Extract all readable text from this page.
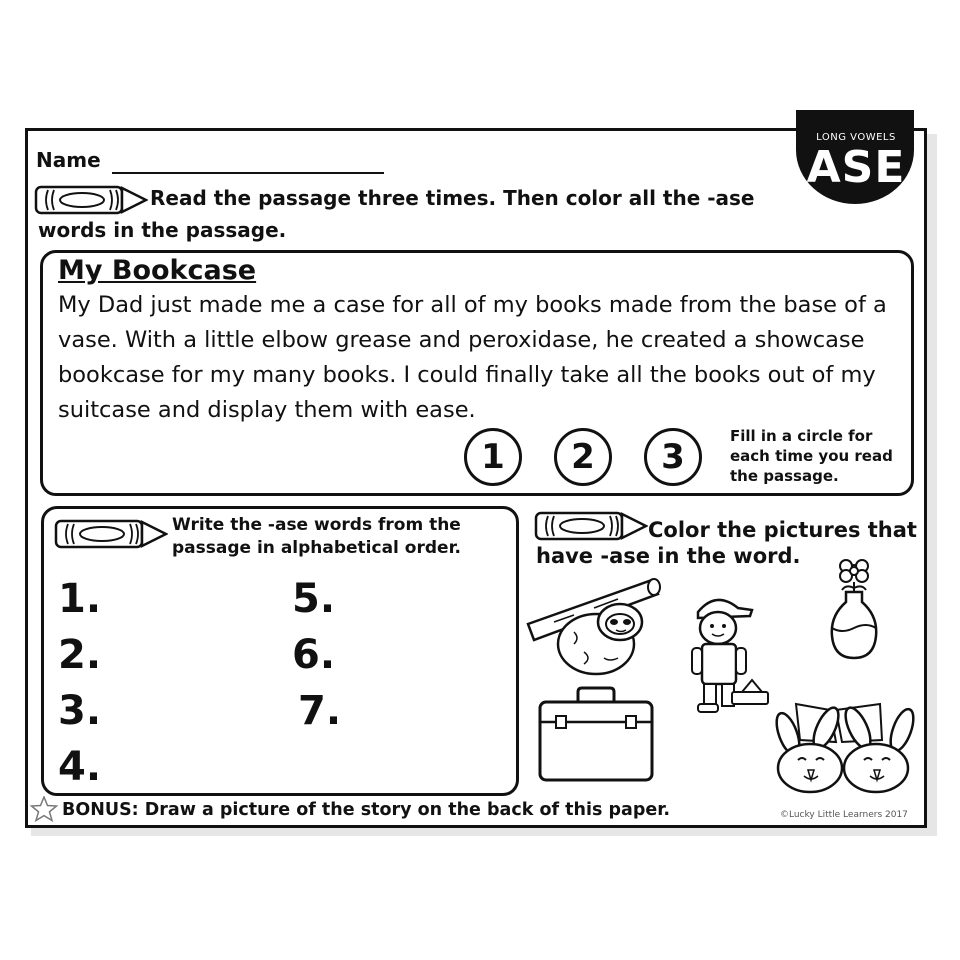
Name
LONG VOWELS
ASE
Read the passage three times. Then color all the -ase
words in the passage.
My Bookcase
My Dad just made me a case for all of my books made from the base of a
vase. With a little elbow grease and peroxidase, he created a showcase
bookcase for my many books. I could finally take all the books out of my
suitcase and display them with ease.
1	2	3
Fill in a circle for
each time you read
the passage.
Write the -ase words from the
passage in alphabetical order.
1.
2.
3.
4.
5.
6.
7.
Color the pictures that
have -ase in the word.
BONUS: Draw a picture of the story on the back of this paper.	©Lucky Little Learners 2017
